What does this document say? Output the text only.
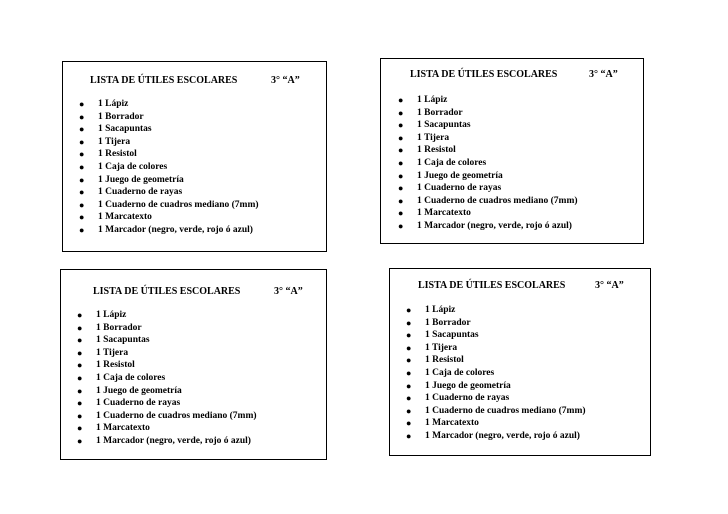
LISTA DE ÚTILES ESCOLARES	3° “A”
● 1 Lápiz
● 1 Borrador
● 1 Sacapuntas
● 1 Tijera
● 1 Resistol
● 1 Caja de colores
● 1 Juego de geometría
● 1 Cuaderno de rayas
● 1 Cuaderno de cuadros mediano (7mm)
● 1 Marcatexto
● 1 Marcador (negro, verde, rojo ó azul)
LISTA DE ÚTILES ESCOLARES	3° “A”
● 1 Lápiz
● 1 Borrador
● 1 Sacapuntas
● 1 Tijera
● 1 Resistol
● 1 Caja de colores
● 1 Juego de geometría
● 1 Cuaderno de rayas
● 1 Cuaderno de cuadros mediano (7mm)
● 1 Marcatexto
● 1 Marcador (negro, verde, rojo ó azul)
LISTA DE ÚTILES ESCOLARES	3° “A”
● 1 Lápiz
● 1 Borrador
● 1 Sacapuntas
● 1 Tijera
● 1 Resistol
● 1 Caja de colores
● 1 Juego de geometría
● 1 Cuaderno de rayas
● 1 Cuaderno de cuadros mediano (7mm)
● 1 Marcatexto
● 1 Marcador (negro, verde, rojo ó azul)
LISTA DE ÚTILES ESCOLARES	3° “A”
● 1 Lápiz
● 1 Borrador
● 1 Sacapuntas
● 1 Tijera
● 1 Resistol
● 1 Caja de colores
● 1 Juego de geometría
● 1 Cuaderno de rayas
● 1 Cuaderno de cuadros mediano (7mm)
● 1 Marcatexto
● 1 Marcador (negro, verde, rojo ó azul)
